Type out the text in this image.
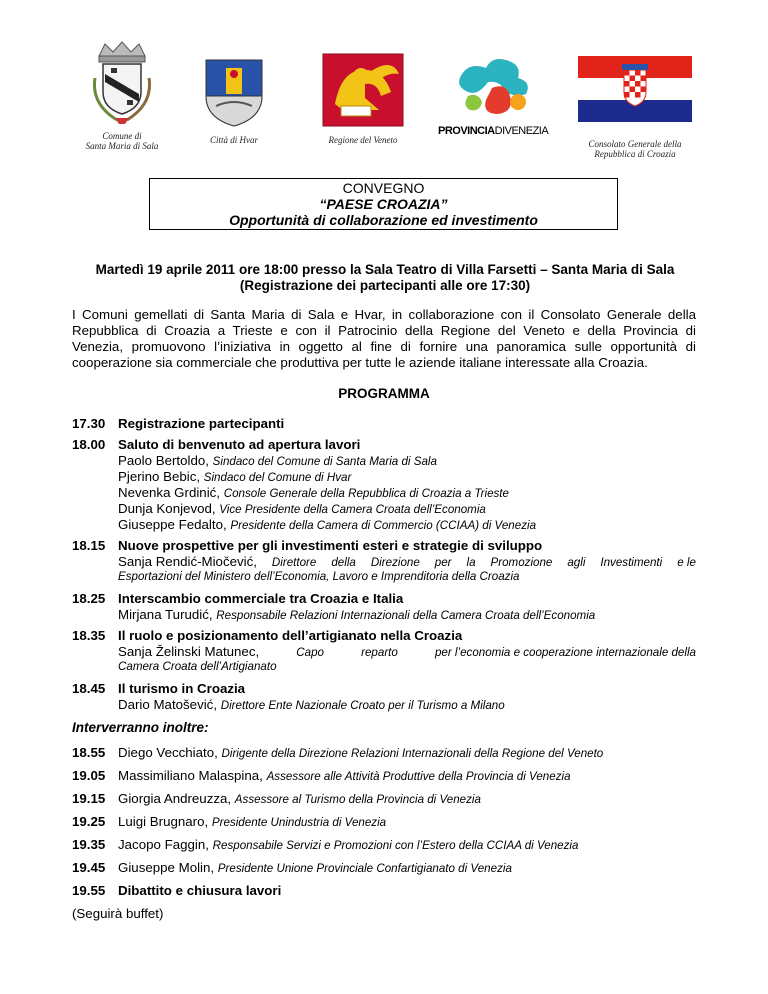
Comune di
Santa Maria di Sala
Città di Hvar	Regione del Veneto
PROVINCIADIVENEZIA
Consolato Generale della
Repubblica di Croazia
CONVEGNO
“PAESE CROAZIA”
Opportunità di collaborazione ed investimento
Martedì 19 aprile 2011 ore 18:00 presso la Sala Teatro di Villa Farsetti – Santa Maria di Sala
(Registrazione dei partecipanti alle ore 17:30)
I Comuni gemellati di Santa Maria di Sala e Hvar, in collaborazione con il Consolato Generale della
Repubblica di Croazia a Trieste e con il Patrocinio della Regione del Veneto e della Provincia di
Venezia, promuovono l’iniziativa in oggetto al fine di fornire una panoramica sulle opportunità di
cooperazione sia commerciale che produttiva per tutte le aziende italiane interessate alla Croazia.
PROGRAMMA
17.30 Registrazione partecipanti
18.00 Saluto di benvenuto ad apertura lavori
Paolo Bertoldo, Sindaco del Comune di Santa Maria di Sala
Pjerino Bebic, Sindaco del Comune di Hvar
Nevenka Grdinić, Console Generale della Repubblica di Croazia a Trieste
Dunja Konjevod, Vice Presidente della Camera Croata dell’Economia
Giuseppe Fedalto, Presidente della Camera di Commercio (CCIAA) di Venezia
18.15 Nuove prospettive per gli investimenti esteri e strategie di sviluppo
Sanja Rendić-Miočević, Direttore della Direzione per la Promozione agli Investimenti e le
Esportazioni del Ministero dell’Economia, Lavoro e Imprenditoria della Croazia
18.25 Interscambio commerciale tra Croazia e Italia
Mirjana Turudić, Responsabile Relazioni Internazionali della Camera Croata dell’Economia
18.35 Il ruolo e posizionamento dell’artigianato nella Croazia
Sanja Želinski Matunec,	Capo	reparto	per l’economia e cooperazione internazionale della
Camera Croata dell’Artigianato
18.45 Il turismo in Croazia
Dario Matošević, Direttore Ente Nazionale Croato per il Turismo a Milano
Interverranno inoltre:
18.55 Diego Vecchiato, Dirigente della Direzione Relazioni Internazionali della Regione del Veneto
19.05 Massimiliano Malaspina, Assessore alle Attività Produttive della Provincia di Venezia
19.15 Giorgia Andreuzza, Assessore al Turismo della Provincia di Venezia
19.25 Luigi Brugnaro, Presidente Unindustria di Venezia
19.35 Jacopo Faggin, Responsabile Servizi e Promozioni con l’Estero della CCIAA di Venezia
19.45 Giuseppe Molin, Presidente Unione Provinciale Confartigianato di Venezia
19.55 Dibattito e chiusura lavori
(Seguirà buffet)
